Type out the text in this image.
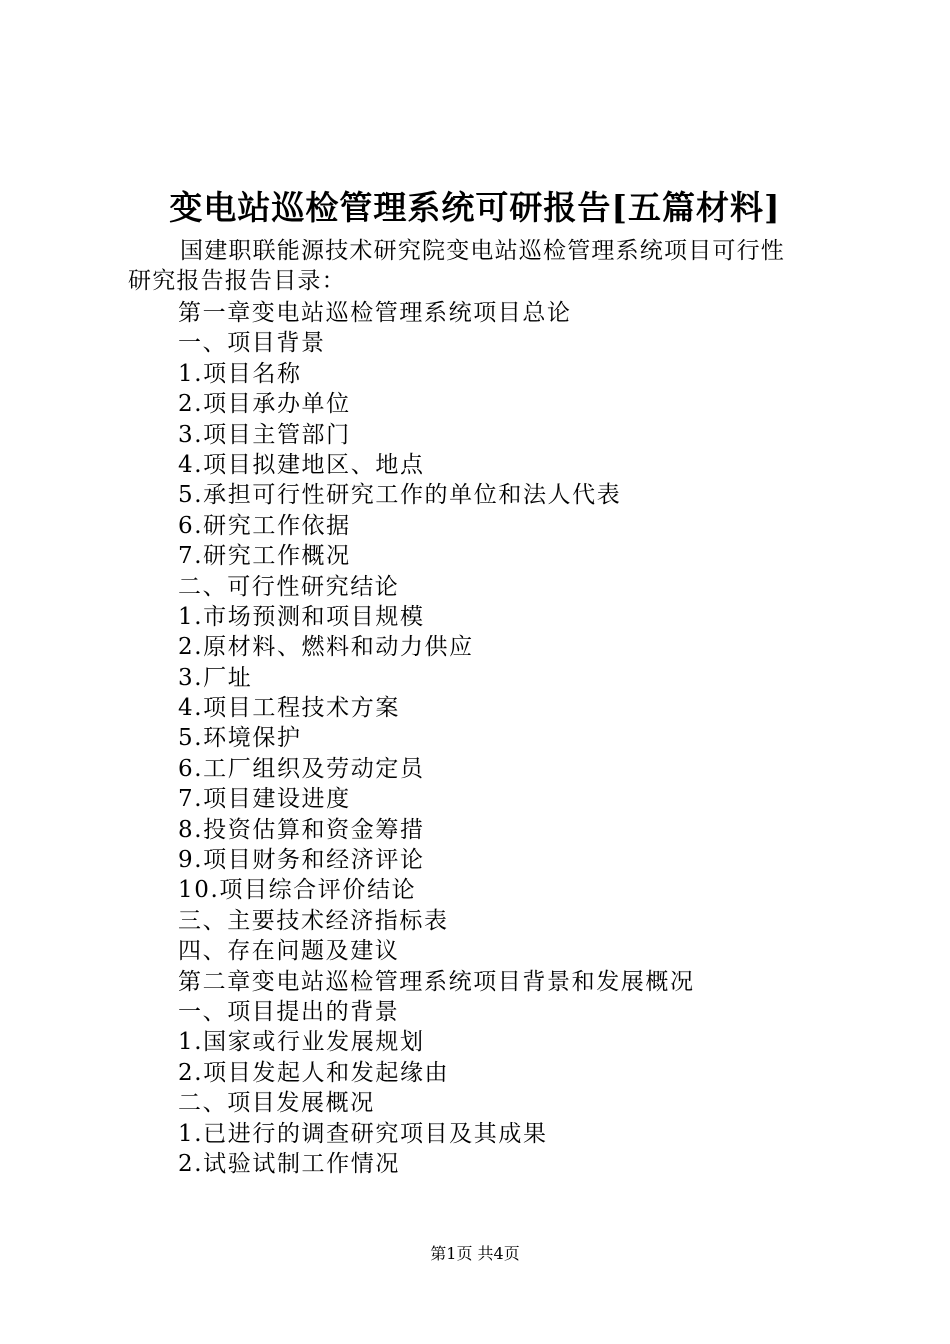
变电站巡检管理系统可研报告[五篇材料]
国建职联能源技术研究院变电站巡检管理系统项目可行性
研究报告报告目录：
第一章变电站巡检管理系统项目总论
一、项目背景
1.项目名称
2.项目承办单位
3.项目主管部门
4.项目拟建地区、地点
5.承担可行性研究工作的单位和法人代表
6.研究工作依据
7.研究工作概况
二、可行性研究结论
1.市场预测和项目规模
2.原材料、燃料和动力供应
3.厂址
4.项目工程技术方案
5.环境保护
6.工厂组织及劳动定员
7.项目建设进度
8.投资估算和资金筹措
9.项目财务和经济评论
10.项目综合评价结论
三、主要技术经济指标表
四、存在问题及建议
第二章变电站巡检管理系统项目背景和发展概况
一、项目提出的背景
1.国家或行业发展规划
2.项目发起人和发起缘由
二、项目发展概况
1.已进行的调查研究项目及其成果
2.试验试制工作情况
第1页 共4页
